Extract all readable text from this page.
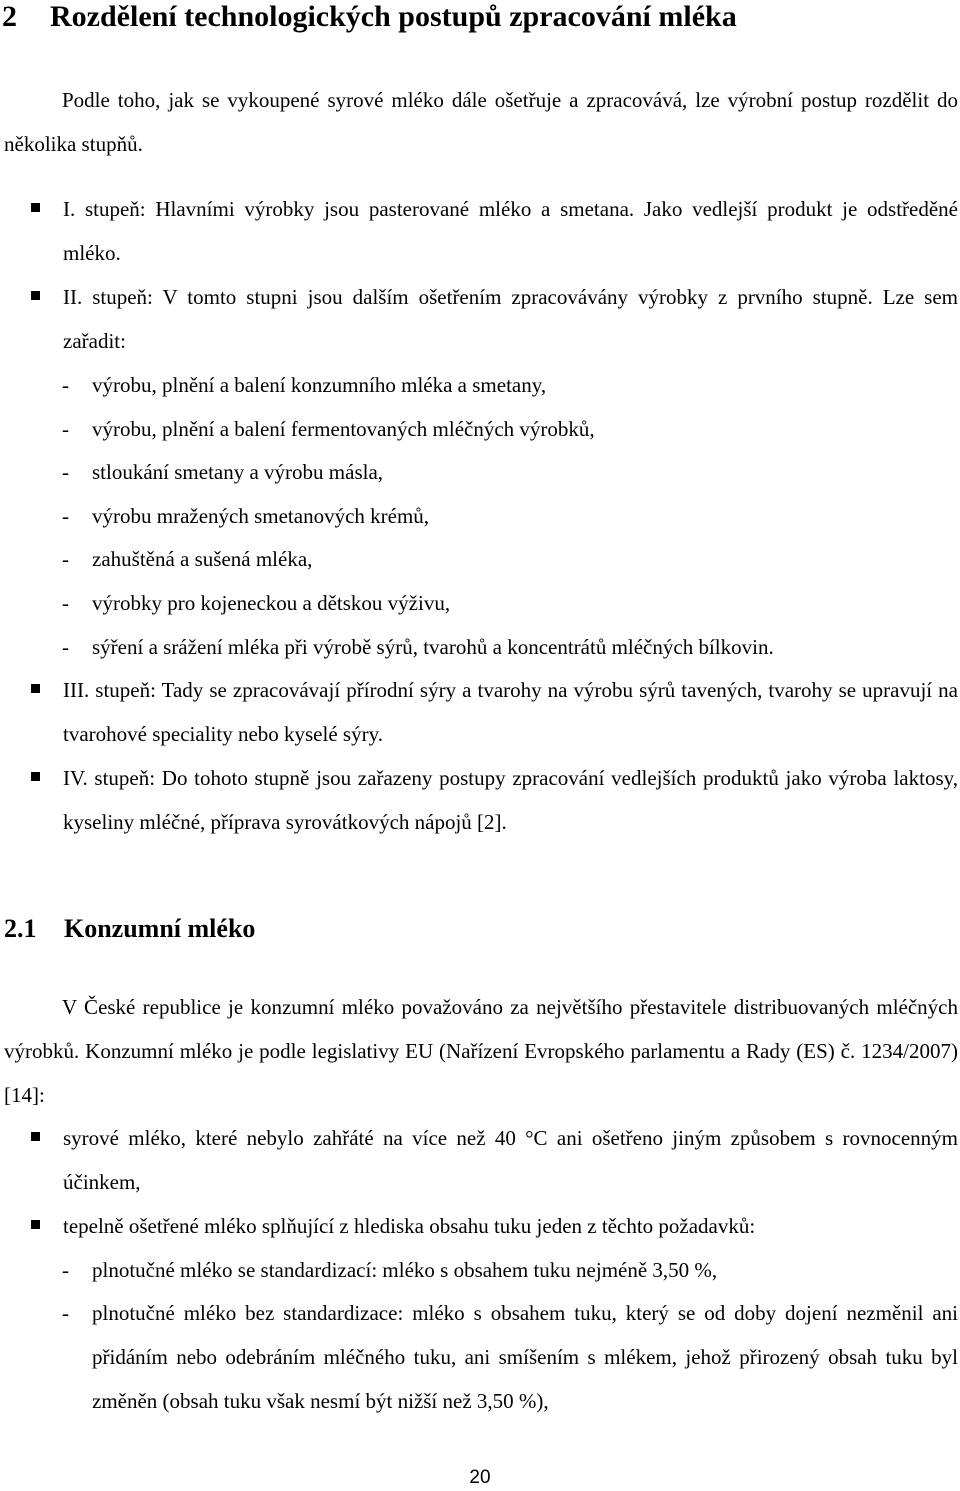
2 Rozdělení technologických postupů zpracování mléka

Podle toho, jak se vykoupené syrové mléko dále ošetřuje a zpracovává, lze výrobní postup rozdělit do několika stupňů.

I. stupeň: Hlavními výrobky jsou pasterované mléko a smetana. Jako vedlejší produkt je odstředěné mléko.
II. stupeň: V tomto stupni jsou dalším ošetřením zpracovávány výrobky z prvního stupně. Lze sem zařadit:
- výrobu, plnění a balení konzumního mléka a smetany,
- výrobu, plnění a balení fermentovaných mléčných výrobků,
- stloukání smetany a výrobu másla,
- výrobu mražených smetanových krémů,
- zahuštěná a sušená mléka,
- výrobky pro kojeneckou a dětskou výživu,
- sýření a srážení mléka při výrobě sýrů, tvarohů a koncentrátů mléčných bílkovin.
III. stupeň: Tady se zpracovávají přírodní sýry a tvarohy na výrobu sýrů tavených, tvarohy se upravují na tvarohové speciality nebo kyselé sýry.
IV. stupeň: Do tohoto stupně jsou zařazeny postupy zpracování vedlejších produktů jako výroba laktosy, kyseliny mléčné, příprava syrovátkových nápojů [2].
2.1 Konzumní mléko

V České republice je konzumní mléko považováno za největšího přestavitele distribuovaných mléčných výrobků. Konzumní mléko je podle legislativy EU (Nařízení Evropského parlamentu a Rady (ES) č. 1234/2007) [14]:

syrové mléko, které nebylo zahřáté na více než 40 °C ani ošetřeno jiným způsobem s rovnocenným účinkem,
tepelně ošetřené mléko splňující z hlediska obsahu tuku jeden z těchto požadavků:
- plnotučné mléko se standardizací: mléko s obsahem tuku nejméně 3,50 %,
- plnotučné mléko bez standardizace: mléko s obsahem tuku, který se od doby dojení nezměnil ani přidáním nebo odebráním mléčného tuku, ani smíšením s mlékem, jehož přirozený obsah tuku byl změněn (obsah tuku však nesmí být nižší než 3,50 %),
20
